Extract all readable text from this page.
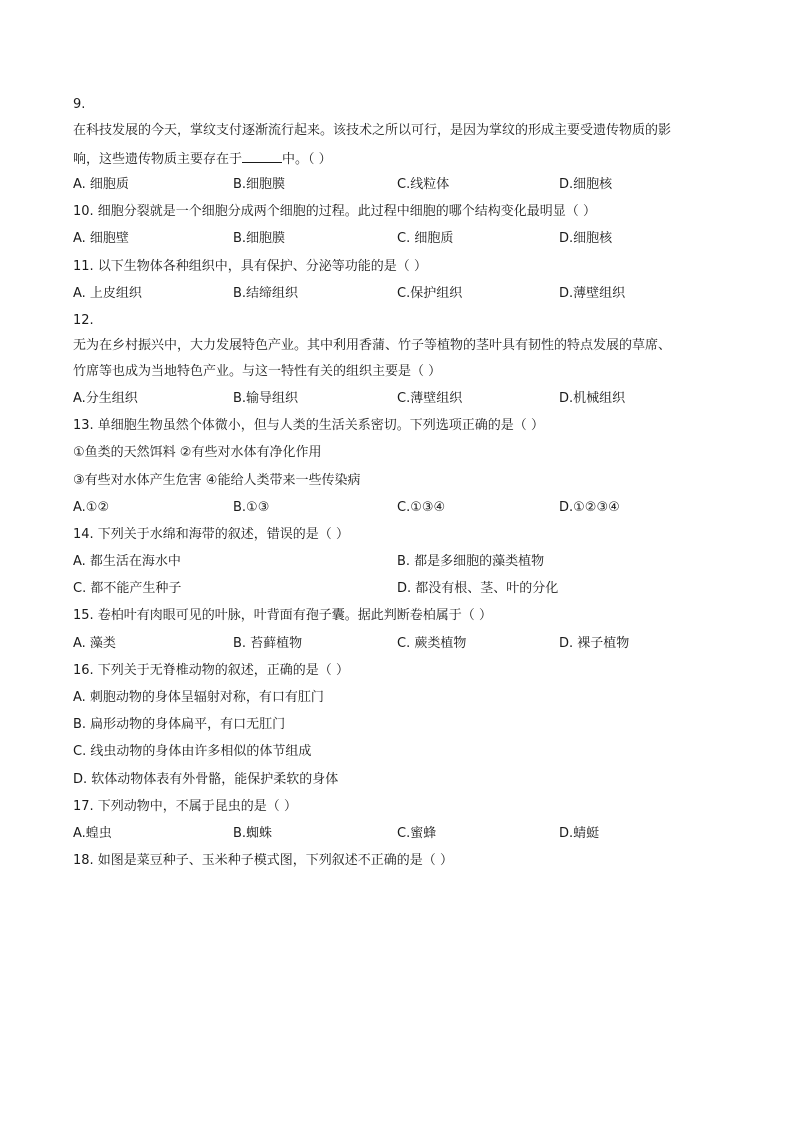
9.
在科技发展的今天，掌纹支付逐渐流行起来。该技术之所以可行，是因为掌纹的形成主要受遗传物质的影
响，这些遗传物质主要存在于	中。（ ）
A. 细胞质	B.细胞膜	C.线粒体	D.细胞核
10. 细胞分裂就是一个细胞分成两个细胞的过程。此过程中细胞的哪个结构变化最明显（ ）
A. 细胞壁	B.细胞膜	C. 细胞质	D.细胞核
11. 以下生物体各种组织中，具有保护、分泌等功能的是（ ）
A. 上皮组织	B.结缔组织	C.保护组织	D.薄壁组织
12.
无为在乡村振兴中，大力发展特色产业。其中利用香蒲、竹子等植物的茎叶具有韧性的特点发展的草席、
竹席等也成为当地特色产业。与这一特性有关的组织主要是（ ）
A.分生组织	B.输导组织	C.薄壁组织	D.机械组织
13. 单细胞生物虽然个体微小，但与人类的生活关系密切。下列选项正确的是（ ）
①鱼类的天然饵料 ②有些对水体有净化作用
③有些对水体产生危害 ④能给人类带来一些传染病
A.①②	B.①③	C.①③④	D.①②③④
14. 下列关于水绵和海带的叙述，错误的是（ ）
A. 都生活在海水中	B. 都是多细胞的藻类植物
C. 都不能产生种子	D. 都没有根、茎、叶的分化
15. 卷柏叶有肉眼可见的叶脉，叶背面有孢子囊。据此判断卷柏属于（ ）
A. 藻类	B. 苔藓植物	C. 蕨类植物	D. 裸子植物
16. 下列关于无脊椎动物的叙述，正确的是（ ）
A. 刺胞动物的身体呈辐射对称，有口有肛门
B. 扁形动物的身体扁平，有口无肛门
C. 线虫动物的身体由许多相似的体节组成
D. 软体动物体表有外骨骼，能保护柔软的身体
17. 下列动物中，不属于昆虫的是（ ）
A.蝗虫	B.蜘蛛	C.蜜蜂	D.蜻蜓
18. 如图是菜豆种子、玉米种子模式图，下列叙述不正确的是（ ）
